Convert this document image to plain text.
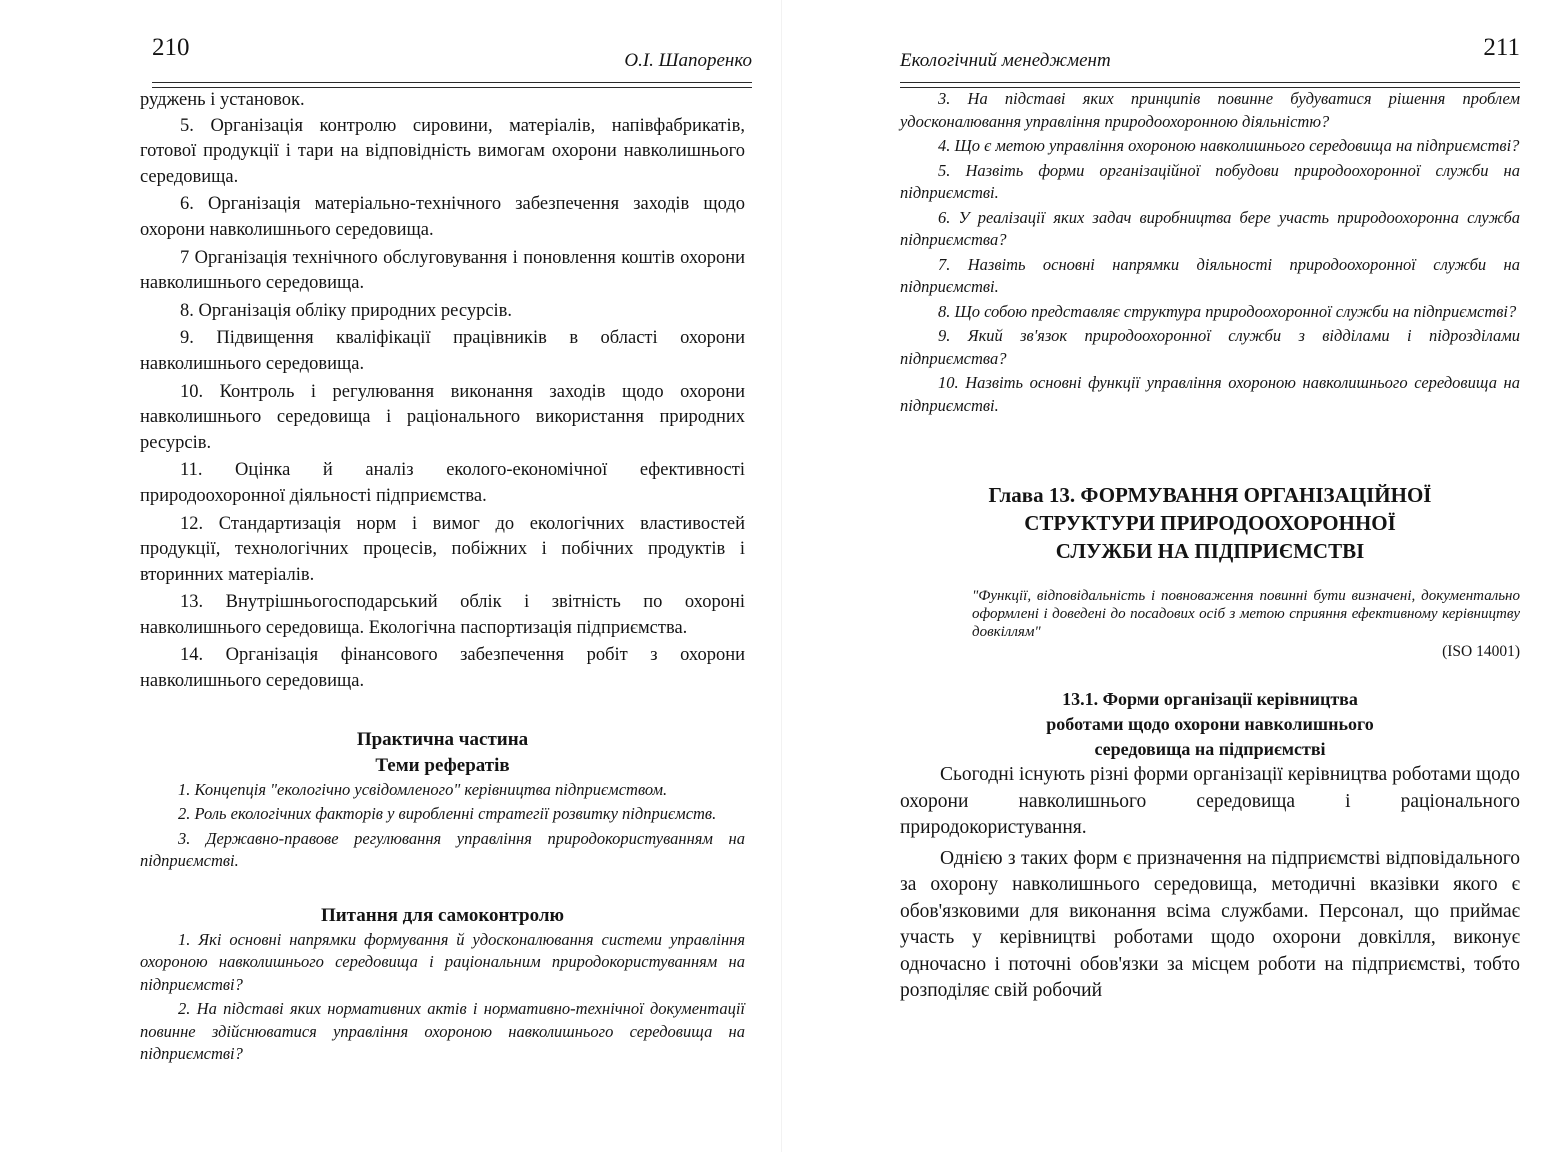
210	О.І. Шапоренко

руджень і установок.

5. Організація контролю сировини, матеріалів, напівфабрикатів, готової продукції і тари на відповідність вимогам охорони навколишнього середовища.

6. Організація матеріально-технічного забезпечення заходів щодо охорони навколишнього середовища.

7 Організація технічного обслуговування і поновлення коштів охорони навколишнього середовища.

8. Організація обліку природних ресурсів.

9. Підвищення кваліфікації працівників в області охорони навколишнього середовища.

10. Контроль і регулювання виконання заходів щодо охорони навколишнього середовища і раціонального використання природних ресурсів.

11. Оцінка й аналіз еколого-економічної ефективності природоохоронної діяльності підприємства.

12. Стандартизація норм і вимог до екологічних властивостей продукції, технологічних процесів, побіжних і побічних продуктів і вторинних матеріалів.

13. Внутрішньогосподарський облік і звітність по охороні навколишнього середовища. Екологічна паспортизація підприємства.

14. Організація фінансового забезпечення робіт з охорони навколишнього середовища.

Практична частина

Теми рефератів

1. Концепція "екологічно усвідомленого" керівництва підприємством.

2. Роль екологічних факторів у виробленні стратегії розвитку підприємств.

3. Державно-правове регулювання управління природокористуванням на підприємстві.

Питання для самоконтролю

1. Які основні напрямки формування й удосконалювання системи управління охороною навколишнього середовища і раціональним природокористуванням на підприємстві?

2. На підставі яких нормативних актів і нормативно-технічної документації повинне здійснюватися управління охороною навколишнього середовища на підприємстві?

Екологічний менеджмент	211

3. На підставі яких принципів повинне будуватися рішення проблем удосконалювання управління природоохоронною діяльністю?

4. Що є метою управління охороною навколишнього середовища на підприємстві?

5. Назвіть форми організаційної побудови природоохоронної служби на підприємстві.

6. У реалізації яких задач виробництва бере участь природоохоронна служба підприємства?

7. Назвіть основні напрямки діяльності природоохоронної служби на підприємстві.

8. Що собою представляє структура природоохоронної служби на підприємстві?

9. Який зв'язок природоохоронної служби з відділами і підрозділами підприємства?

10. Назвіть основні функції управління охороною навколишнього середовища на підприємстві.

Глава 13. ФОРМУВАННЯ ОРГАНІЗАЦІЙНОЇ

СТРУКТУРИ ПРИРОДООХОРОННОЇ

СЛУЖБИ НА ПІДПРИЄМСТВІ

"Функції, відповідальність і повноваження повинні бути визначені, документально оформлені і доведені до посадових осіб з метою сприяння ефективному керівництву довкіллям"

(ISO 14001)

13.1. Форми організації керівництва

роботами щодо охорони навколишнього

середовища на підприємстві

Сьогодні існують різні форми організації керівництва роботами щодо охорони навколишнього середовища і раціонального природокористування.

Однією з таких форм є призначення на підприємстві відповідального за охорону навколишнього середовища, методичні вказівки якого є обов'язковими для виконання всіма службами. Персонал, що приймає участь у керівництві роботами щодо охорони довкілля, виконує одночасно і поточні обов'язки за місцем роботи на підприємстві, тобто розподіляє свій робочий
